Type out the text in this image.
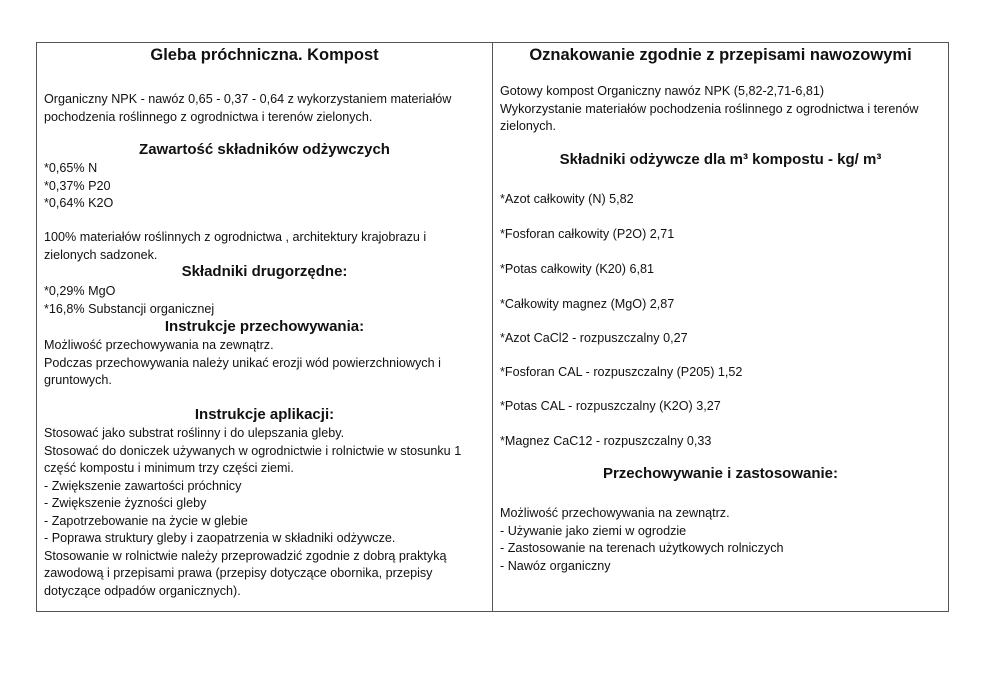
Gleba próchniczna. Kompost

Organiczny NPK - nawóz 0,65 - 0,37 - 0,64 z wykorzystaniem materiałów

pochodzenia roślinnego z ogrodnictwa i terenów zielonych.

Zawartość składników odżywczych

*0,65% N

*0,37% P20

*0,64% K2O

100% materiałów roślinnych z ogrodnictwa , architektury krajobrazu i

zielonych sadzonek.

Składniki drugorzędne:

*0,29% MgO

*16,8% Substancji organicznej

Instrukcje przechowywania:

Możliwość przechowywania na zewnątrz.

Podczas przechowywania należy unikać erozji wód powierzchniowych i

gruntowych.

Instrukcje aplikacji:

Stosować jako substrat roślinny i do ulepszania gleby.

Stosować do doniczek używanych w ogrodnictwie i rolnictwie w stosunku 1

część kompostu i minimum trzy części ziemi.

- Zwiększenie zawartości próchnicy

- Zwiększenie żyzności gleby

- Zapotrzebowanie na życie w glebie

- Poprawa struktury gleby i zaopatrzenia w składniki odżywcze.

Stosowanie w rolnictwie należy przeprowadzić zgodnie z dobrą praktyką

zawodową i przepisami prawa (przepisy dotyczące obornika, przepisy

dotyczące odpadów organicznych).

Oznakowanie zgodnie z przepisami nawozowymi

Gotowy kompost Organiczny nawóz NPK (5,82-2,71-6,81)

Wykorzystanie materiałów pochodzenia roślinnego z ogrodnictwa i terenów

zielonych.

Składniki odżywcze dla m³ kompostu - kg/ m³

*Azot całkowity (N) 5,82

*Fosforan całkowity (P2O) 2,71

*Potas całkowity (K20) 6,81

*Całkowity magnez (MgO) 2,87

*Azot CaCl2 - rozpuszczalny 0,27

*Fosforan CAL - rozpuszczalny (P205) 1,52

*Potas CAL - rozpuszczalny (K2O) 3,27

*Magnez CaC12 - rozpuszczalny 0,33

Przechowywanie i zastosowanie:

Możliwość przechowywania na zewnątrz.

- Używanie jako ziemi w ogrodzie

- Zastosowanie na terenach użytkowych rolniczych

- Nawóz organiczny
